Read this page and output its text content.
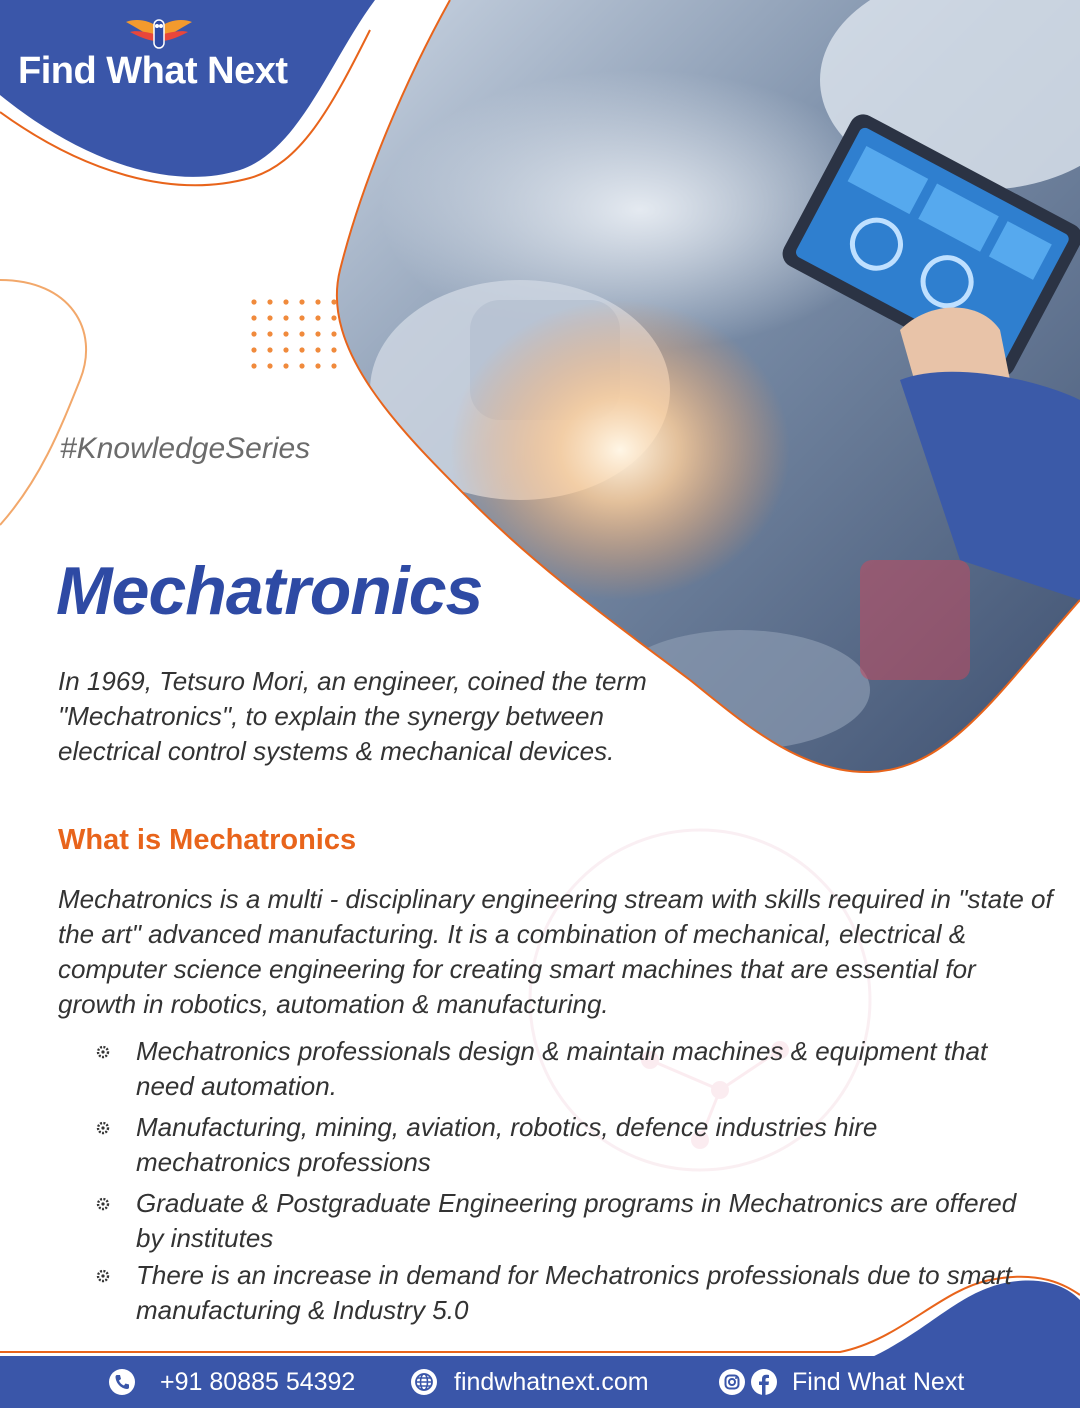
Find What Next
#KnowledgeSeries
Mechatronics

In 1969, Tetsuro Mori, an engineer, coined the term "Mechatronics", to explain the synergy between electrical control systems & mechanical devices.

What is Mechatronics

Mechatronics is a multi - disciplinary engineering stream with skills required in "state of the art" advanced manufacturing. It is a combination of mechanical, electrical & computer science engineering for creating smart machines that are essential for growth in robotics, automation & manufacturing.

Mechatronics professionals design & maintain machines & equipment that need automation.
Manufacturing, mining, aviation, robotics, defence industries hire mechatronics professions
Graduate & Postgraduate Engineering programs in Mechatronics are offered by institutes
There is an increase in demand for Mechatronics professionals due to smart manufacturing & Industry 5.0
+91 80885 54392	findwhatnext.com	Find What Next
